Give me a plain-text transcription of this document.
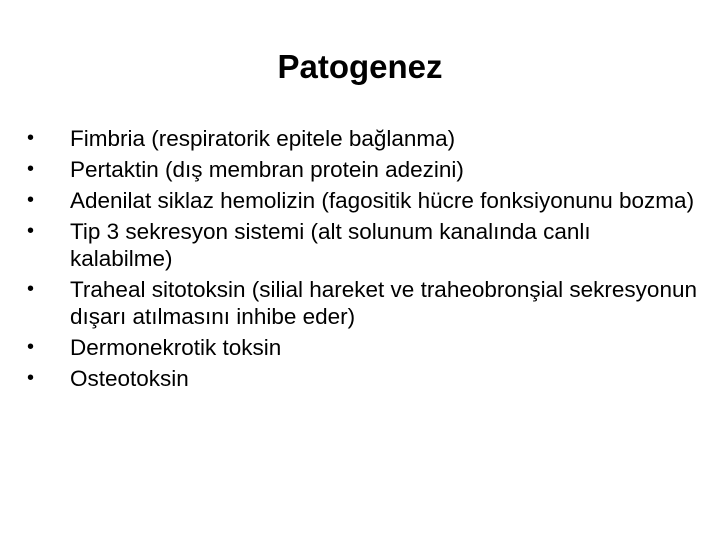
Patogenez
•	Fimbria (respiratorik epitele bağlanma)
•	Pertaktin (dış membran protein adezini)
•	Adenilat siklaz hemolizin (fagositik hücre fonksiyonunu bozma)
•	Tip 3 sekresyon sistemi (alt solunum kanalında canlı kalabilme)
•	Traheal sitotoksin (silial hareket ve traheobronşial sekresyonun dışarı atılmasını inhibe eder)
•	Dermonekrotik toksin
•	Osteotoksin
